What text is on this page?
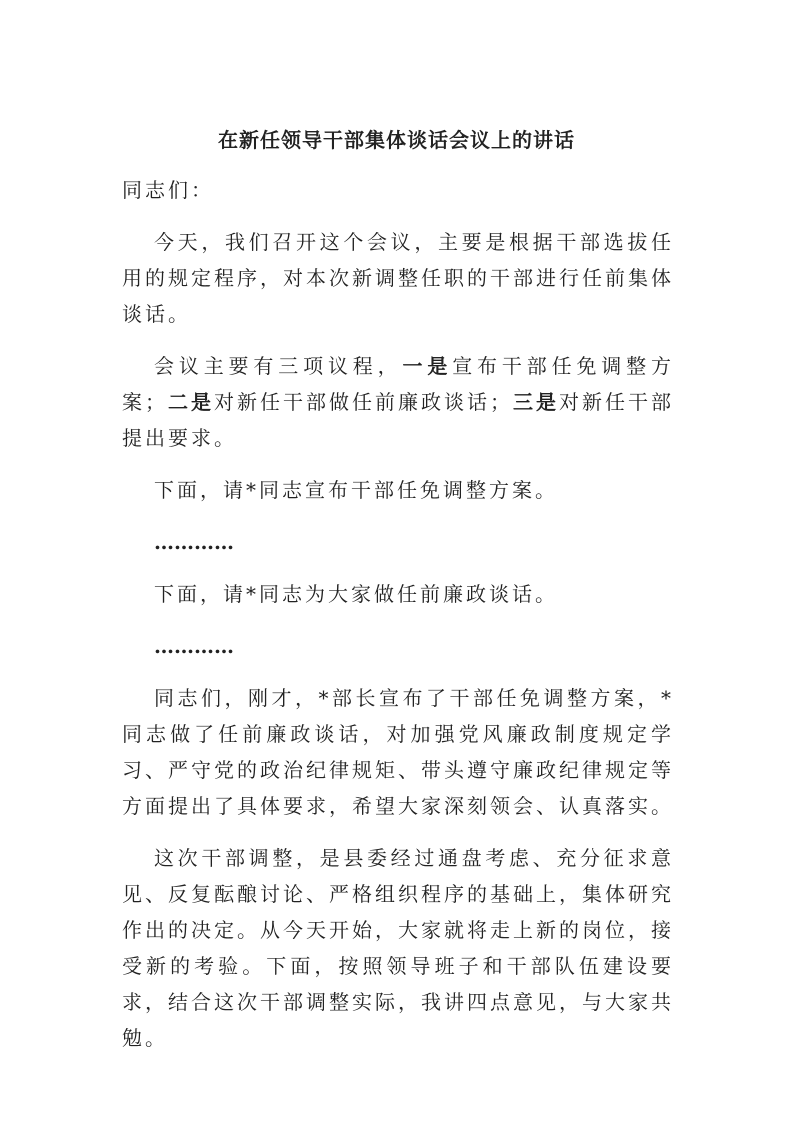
在新任领导干部集体谈话会议上的讲话

同志们：

今天，我们召开这个会议，主要是根据干部选拔任用的规定程序，对本次新调整任职的干部进行任前集体谈话。

会议主要有三项议程，一是宣布干部任免调整方案；二是对新任干部做任前廉政谈话；三是对新任干部提出要求。

下面，请*同志宣布干部任免调整方案。

…………

下面，请*同志为大家做任前廉政谈话。

…………

同志们，刚才，*部长宣布了干部任免调整方案，*同志做了任前廉政谈话，对加强党风廉政制度规定学习、严守党的政治纪律规矩、带头遵守廉政纪律规定等方面提出了具体要求，希望大家深刻领会、认真落实。

这次干部调整，是县委经过通盘考虑、充分征求意见、反复酝酿讨论、严格组织程序的基础上，集体研究作出的决定。从今天开始，大家就将走上新的岗位，接受新的考验。下面，按照领导班子和干部队伍建设要求，结合这次干部调整实际，我讲四点意见，与大家共勉。
